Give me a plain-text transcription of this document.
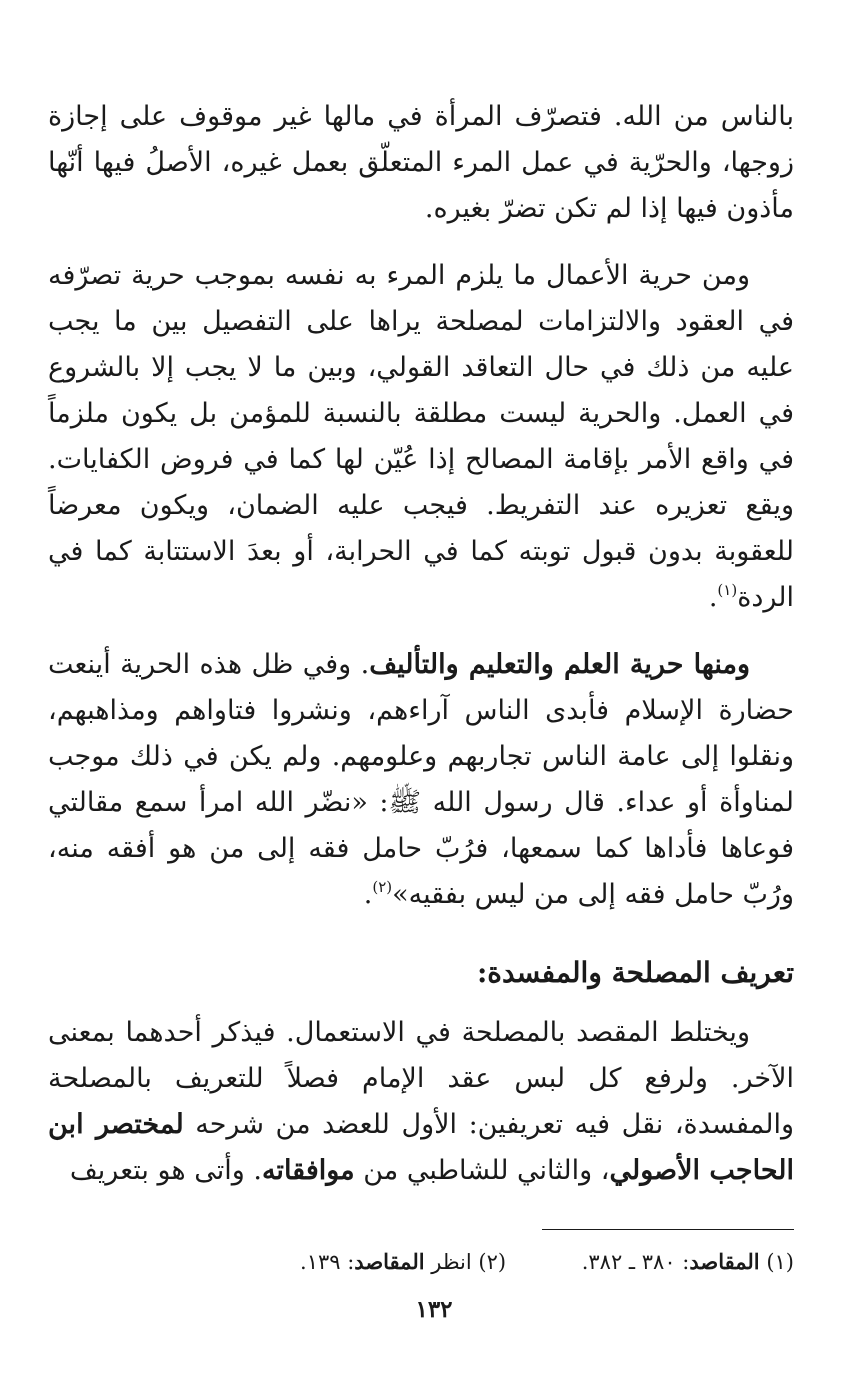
بالناس من الله. فتصرّف المرأة في مالها غير موقوف على إجازة زوجها، والحرّية في عمل المرء المتعلّق بعمل غيره، الأصلُ فيها أنّها مأذون فيها إذا لم تكن تضرّ بغيره.

ومن حرية الأعمال ما يلزم المرء به نفسه بموجب حرية تصرّفه في العقود والالتزامات لمصلحة يراها على التفصيل بين ما يجب عليه من ذلك في حال التعاقد القولي، وبين ما لا يجب إلا بالشروع في العمل. والحرية ليست مطلقة بالنسبة للمؤمن بل يكون ملزماً في واقع الأمر بإقامة المصالح إذا عُيّن لها كما في فروض الكفايات. ويقع تعزيره عند التفريط. فيجب عليه الضمان، ويكون معرضاً للعقوبة بدون قبول توبته كما في الحرابة، أو بعدَ الاستتابة كما في الردة$^{(١)}$.

ومنها حرية العلم والتعليم والتأليف. وفي ظل هذه الحرية أينعت حضارة الإسلام فأبدى الناس آراءهم، ونشروا فتاواهم ومذاهبهم، ونقلوا إلى عامة الناس تجاربهم وعلومهم. ولم يكن في ذلك موجب لمناوأة أو عداء. قال رسول الله ﷺ: «نضّر الله امرأ سمع مقالتي فوعاها فأداها كما سمعها، فرُبّ حامل فقه إلى من هو أفقه منه، ورُبّ حامل فقه إلى من ليس بفقيه»$^{(٢)}$.

تعريف المصلحة والمفسدة:

ويختلط المقصد بالمصلحة في الاستعمال. فيذكر أحدهما بمعنى الآخر. ولرفع كل لبس عقد الإمام فصلاً للتعريف بالمصلحة والمفسدة، نقل فيه تعريفين: الأول للعضد من شرحه لمختصر ابن الحاجب الأصولي، والثاني للشاطبي من موافقاته. وأتى هو بتعريف

(١) المقاصد: ٣٨٠ ـ ٣٨٢.
(٢) انظر المقاصد: ١٣٩.
١٣٢
